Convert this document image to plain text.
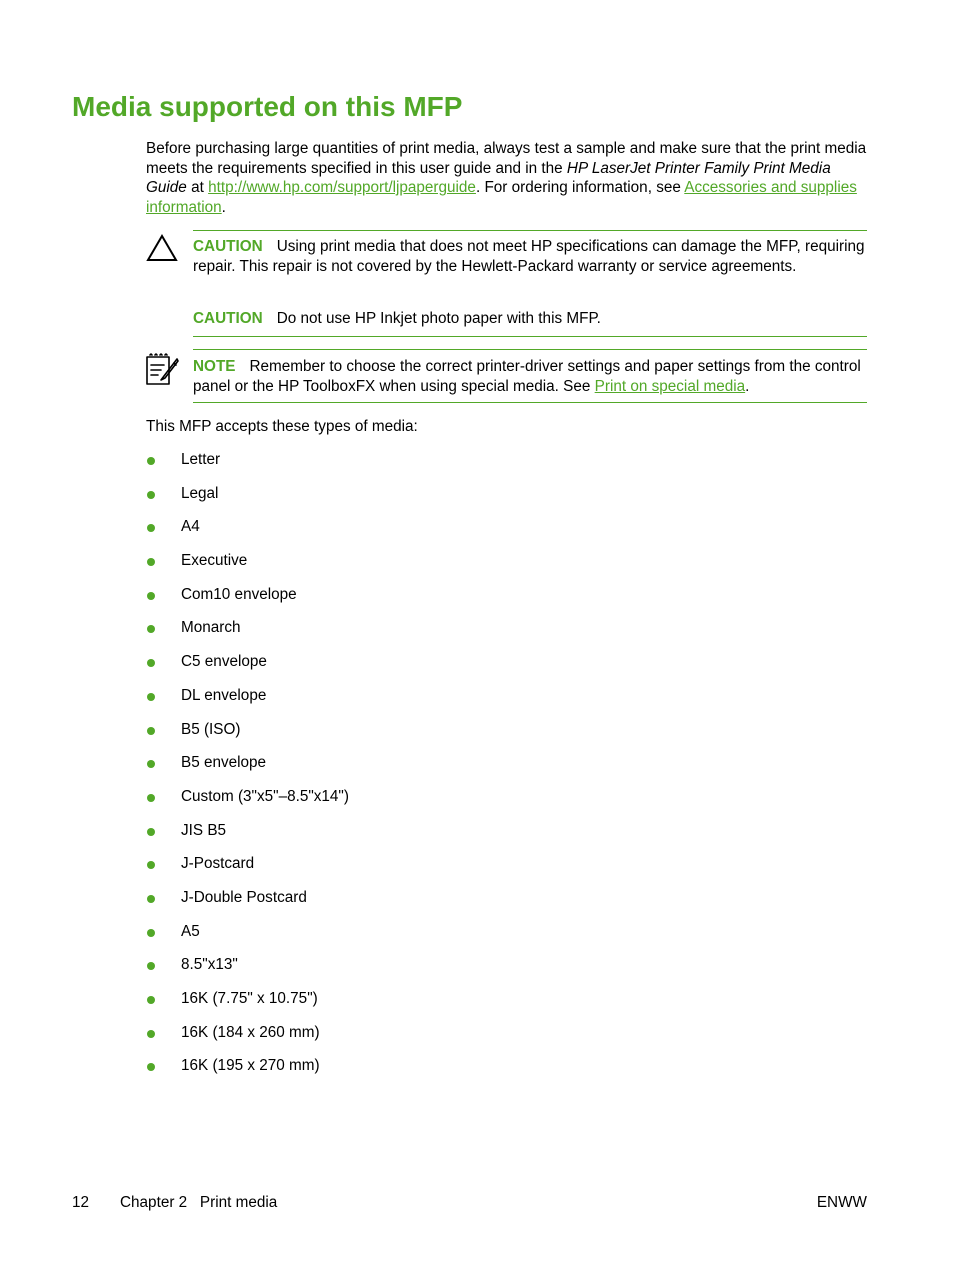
Media supported on this MFP

Before purchasing large quantities of print media, always test a sample and make sure that the print media meets the requirements specified in this user guide and in the HP LaserJet Printer Family Print Media Guide at http://www.hp.com/support/ljpaperguide. For ordering information, see Accessories and supplies information.

CAUTION Using print media that does not meet HP specifications can damage the MFP, requiring repair. This repair is not covered by the Hewlett-Packard warranty or service agreements.

CAUTION Do not use HP Inkjet photo paper with this MFP.

NOTE Remember to choose the correct printer-driver settings and paper settings from the control panel or the HP ToolboxFX when using special media. See Print on special media.

This MFP accepts these types of media:

Letter
Legal
A4
Executive
Com10 envelope
Monarch
C5 envelope
DL envelope
B5 (ISO)
B5 envelope
Custom (3"x5"–8.5"x14")
JIS B5
J-Postcard
J-Double Postcard
A5
8.5"x13"
16K (7.75" x 10.75")
16K (184 x 260 mm)
16K (195 x 270 mm)
12 Chapter 2   Print media	ENWW
